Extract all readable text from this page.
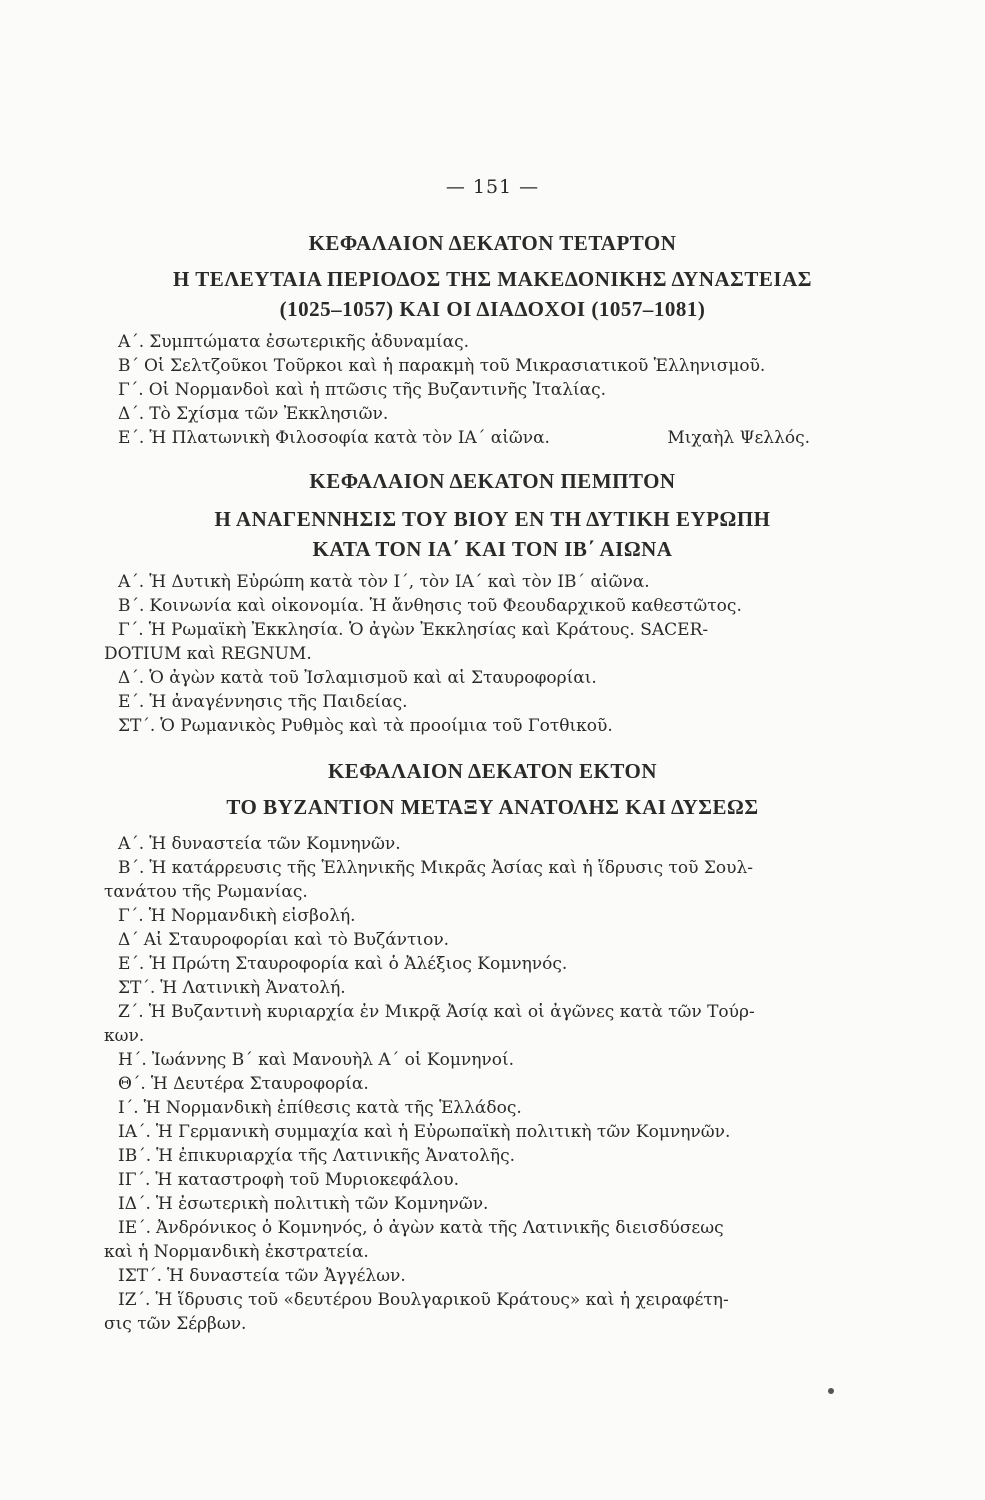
— 151 —
ΚΕΦΑΛΑΙΟΝ ΔΕΚΑΤΟΝ ΤΕΤΑΡΤΟΝ
Η ΤΕΛΕΥΤΑΙΑ ΠΕΡΙΟΔΟΣ ΤΗΣ ΜΑΚΕΔΟΝΙΚΗΣ ΔΥΝΑΣΤΕΙΑΣ
(1025–1057) ΚΑΙ ΟΙ ΔΙΑΔΟΧΟΙ (1057–1081)
Α΄. Συμπτώματα ἐσωτερικῆς ἀδυναμίας.
Β΄ Οἱ Σελτζοῦκοι Τοῦρκοι καὶ ἡ παρακμὴ τοῦ Μικρασιατικοῦ Ἑλληνισμοῦ.
Γ΄. Οἱ Νορμανδοὶ καὶ ἡ πτῶσις τῆς Βυζαντινῆς Ἰταλίας.
Δ΄. Τὸ Σχίσμα τῶν Ἐκκλησιῶν.
Ε΄. Ἡ Πλατωνικὴ Φιλοσοφία κατὰ τὸν ΙΑ΄ αἰῶνα.	Μιχαὴλ Ψελλός.
ΚΕΦΑΛΑΙΟΝ ΔΕΚΑΤΟΝ ΠΕΜΠΤΟΝ
Η ΑΝΑΓΕΝΝΗΣΙΣ ΤΟΥ ΒΙΟΥ ΕΝ ΤΗ ΔΥΤΙΚΗ ΕΥΡΩΠΗ
ΚΑΤΑ ΤΟΝ ΙΑ΄ ΚΑΙ ΤΟΝ ΙΒ΄ ΑΙΩΝΑ
Α΄. Ἡ Δυτικὴ Εὐρώπη κατὰ τὸν Ι΄, τὸν ΙΑ΄ καὶ τὸν ΙΒ΄ αἰῶνα.
Β΄. Κοινωνία καὶ οἰκονομία. Ἡ ἄνθησις τοῦ Φεουδαρχικοῦ καθεστῶτος.
Γ΄. Ἡ Ρωμαϊκὴ Ἐκκλησία. Ὁ ἀγὼν Ἐκκλησίας καὶ Κράτους. SACER-
DOTIUM καὶ REGNUM.
Δ΄. Ὁ ἀγὼν κατὰ τοῦ Ἰσλαμισμοῦ καὶ αἱ Σταυροφορίαι.
Ε΄. Ἡ ἀναγέννησις τῆς Παιδείας.
ΣΤ΄. Ὁ Ρωμανικὸς Ρυθμὸς καὶ τὰ προοίμια τοῦ Γοτθικοῦ.
ΚΕΦΑΛΑΙΟΝ ΔΕΚΑΤΟΝ ΕΚΤΟΝ
ΤΟ ΒΥΖΑΝΤΙΟΝ ΜΕΤΑΞΥ ΑΝΑΤΟΛΗΣ ΚΑΙ ΔΥΣΕΩΣ
Α΄. Ἡ δυναστεία τῶν Κομνηνῶν.
Β΄. Ἡ κατάρρευσις τῆς Ἑλληνικῆς Μικρᾶς Ἀσίας καὶ ἡ ἵδρυσις τοῦ Σουλ-
τανάτου τῆς Ρωμανίας.
Γ΄. Ἡ Νορμανδικὴ εἰσβολή.
Δ΄ Αἱ Σταυροφορίαι καὶ τὸ Βυζάντιον.
Ε΄. Ἡ Πρώτη Σταυροφορία καὶ ὁ Ἀλέξιος Κομνηνός.
ΣΤ΄. Ἡ Λατινικὴ Ἀνατολή.
Ζ΄. Ἡ Βυζαντινὴ κυριαρχία ἐν Μικρᾷ Ἀσίᾳ καὶ οἱ ἀγῶνες κατὰ τῶν Τούρ-
κων.
Η΄. Ἰωάννης Β΄ καὶ Μανουὴλ Α΄ οἱ Κομνηνοί.
Θ΄. Ἡ Δευτέρα Σταυροφορία.
Ι΄. Ἡ Νορμανδικὴ ἐπίθεσις κατὰ τῆς Ἑλλάδος.
ΙΑ΄. Ἡ Γερμανικὴ συμμαχία καὶ ἡ Εὐρωπαϊκὴ πολιτικὴ τῶν Κομνηνῶν.
ΙΒ΄. Ἡ ἐπικυριαρχία τῆς Λατινικῆς Ἀνατολῆς.
ΙΓ΄. Ἡ καταστροφὴ τοῦ Μυριοκεφάλου.
ΙΔ΄. Ἡ ἐσωτερικὴ πολιτικὴ τῶν Κομνηνῶν.
ΙΕ΄. Ἀνδρόνικος ὁ Κομνηνός, ὁ ἀγὼν κατὰ τῆς Λατινικῆς διεισδύσεως
καὶ ἡ Νορμανδικὴ ἐκστρατεία.
ΙΣΤ΄. Ἡ δυναστεία τῶν Ἀγγέλων.
ΙΖ΄. Ἡ ἵδρυσις τοῦ «δευτέρου Βουλγαρικοῦ Κράτους» καὶ ἡ χειραφέτη-
σις τῶν Σέρβων.
